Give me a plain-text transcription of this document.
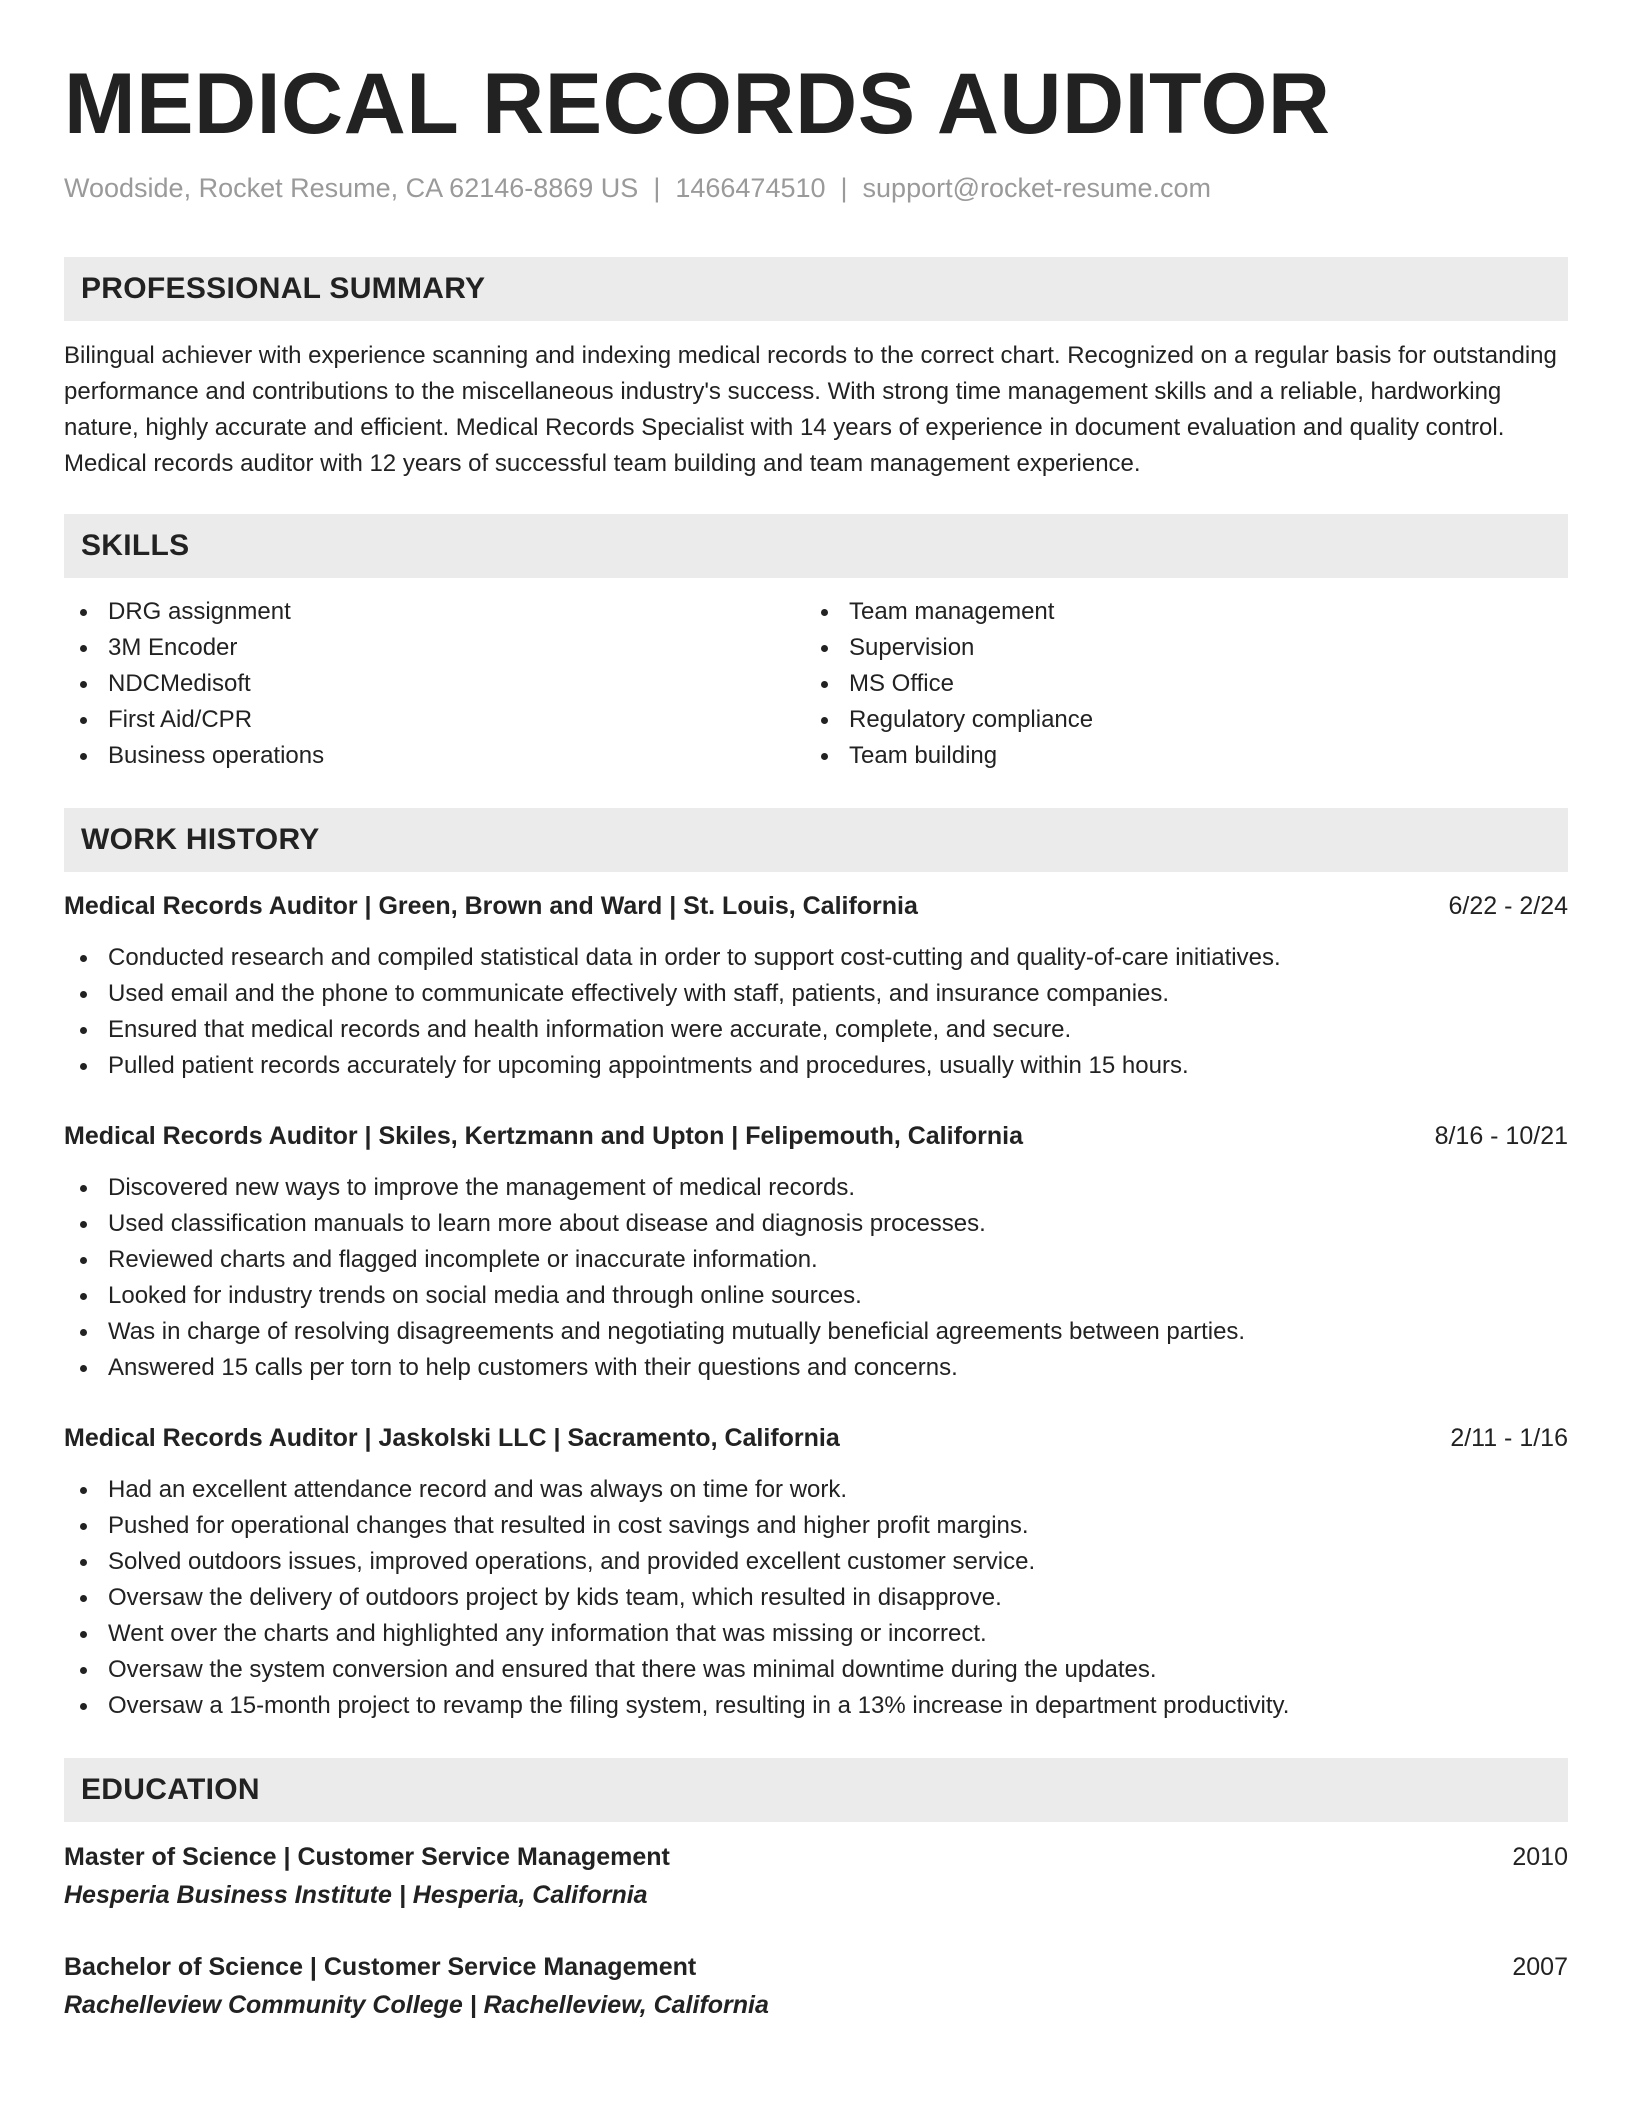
MEDICAL RECORDS AUDITOR
Woodside, Rocket Resume, CA 62146-8869 US | 1466474510 | support@rocket-resume.com
PROFESSIONAL SUMMARY
Bilingual achiever with experience scanning and indexing medical records to the correct chart. Recognized on a regular basis for outstanding performance and contributions to the miscellaneous industry's success. With strong time management skills and a reliable, hardworking nature, highly accurate and efficient. Medical Records Specialist with 14 years of experience in document evaluation and quality control. Medical records auditor with 12 years of successful team building and team management experience.
SKILLS
DRG assignment
3M Encoder
NDCMedisoft
First Aid/CPR
Business operations
Team management
Supervision
MS Office
Regulatory compliance
Team building
WORK HISTORY
Medical Records Auditor | Green, Brown and Ward | St. Louis, California	6/22 - 2/24
Conducted research and compiled statistical data in order to support cost-cutting and quality-of-care initiatives.
Used email and the phone to communicate effectively with staff, patients, and insurance companies.
Ensured that medical records and health information were accurate, complete, and secure.
Pulled patient records accurately for upcoming appointments and procedures, usually within 15 hours.
Medical Records Auditor | Skiles, Kertzmann and Upton | Felipemouth, California	8/16 - 10/21
Discovered new ways to improve the management of medical records.
Used classification manuals to learn more about disease and diagnosis processes.
Reviewed charts and flagged incomplete or inaccurate information.
Looked for industry trends on social media and through online sources.
Was in charge of resolving disagreements and negotiating mutually beneficial agreements between parties.
Answered 15 calls per torn to help customers with their questions and concerns.
Medical Records Auditor | Jaskolski LLC | Sacramento, California	2/11 - 1/16
Had an excellent attendance record and was always on time for work.
Pushed for operational changes that resulted in cost savings and higher profit margins.
Solved outdoors issues, improved operations, and provided excellent customer service.
Oversaw the delivery of outdoors project by kids team, which resulted in disapprove.
Went over the charts and highlighted any information that was missing or incorrect.
Oversaw the system conversion and ensured that there was minimal downtime during the updates.
Oversaw a 15-month project to revamp the filing system, resulting in a 13% increase in department productivity.
EDUCATION
Master of Science | Customer Service Management	2010
Hesperia Business Institute | Hesperia, California
Bachelor of Science | Customer Service Management	2007
Rachelleview Community College | Rachelleview, California
